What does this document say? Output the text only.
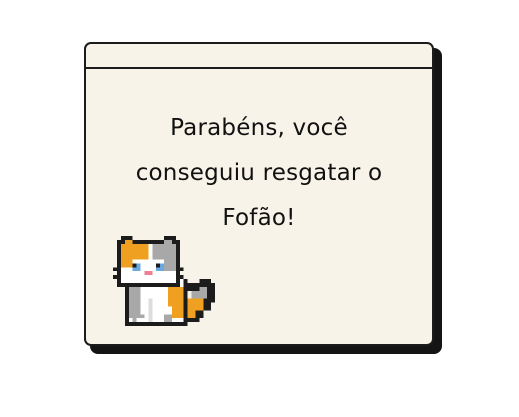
Parabéns, você
conseguiu resgatar o
Fofão!
